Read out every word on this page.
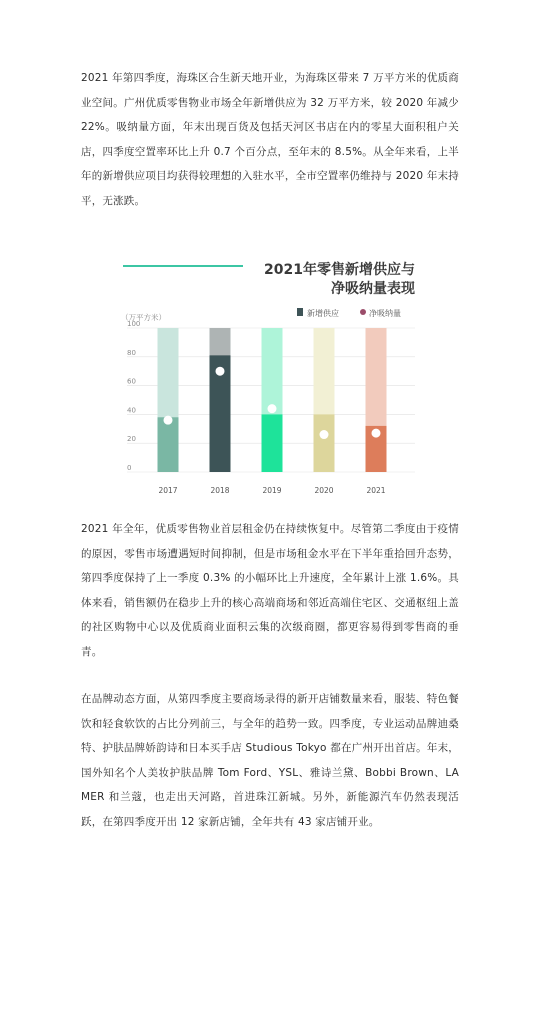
2021 年第四季度，海珠区合生新天地开业，为海珠区带来 7 万平方米的优质商业空间。广州优质零售物业市场全年新增供应为 32 万平方米，较 2020 年减少 22%。吸纳量方面，年末出现百货及包括天河区书店在内的零星大面积租户关店，四季度空置率环比上升 0.7 个百分点，至年末的 8.5%。从全年来看，上半年的新增供应项目均获得较理想的入驻水平，全市空置率仍维持与 2020 年末持平，无涨跌。

2021年零售新增供应与
净吸纳量表现
（万平方米）	新增供应	净吸纳量
0
20
40
60
80
100
2017	2018	2019	2020	2021

2021 年全年，优质零售物业首层租金仍在持续恢复中。尽管第二季度由于疫情的原因，零售市场遭遇短时间抑制，但是市场租金水平在下半年重拾回升态势，第四季度保持了上一季度 0.3% 的小幅环比上升速度，全年累计上涨 1.6%。具体来看，销售额仍在稳步上升的核心高端商场和邻近高端住宅区、交通枢纽上盖的社区购物中心以及优质商业面积云集的次级商圈，都更容易得到零售商的垂青。

在品牌动态方面，从第四季度主要商场录得的新开店铺数量来看，服装、特色餐饮和轻食软饮的占比分列前三，与全年的趋势一致。四季度，专业运动品牌迪桑特、护肤品牌娇韵诗和日本买手店 Studious Tokyo 都在广州开出首店。年末，国外知名个人美妆护肤品牌 Tom Ford、YSL、雅诗兰黛、Bobbi Brown、LA MER 和兰蔻，也走出天河路，首进珠江新城。另外，新能源汽车仍然表现活跃，在第四季度开出 12 家新店铺，全年共有 43 家店铺开业。
